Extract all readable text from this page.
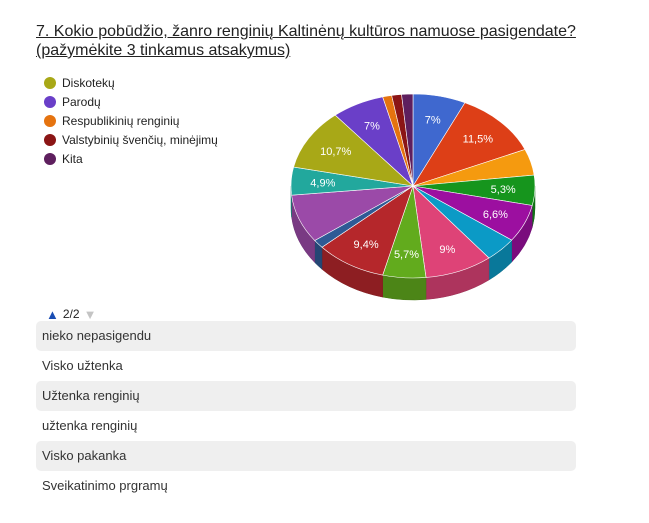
7. Kokio pobūdžio, žanro renginių Kaltinėnų kultūros namuose pasigendate? (pažymėkite 3 tinkamus atsakymus)
Diskotekų
Parodų
Respublikinių renginių
Valstybinių švenčių, minėjimų
Kita
7%
11,5%
5,3%
6,6%
9%
5,7%
9,4%
4,9%
10,7%
7%
▲ 2/2 ▼
nieko nepasigendu
Visko užtenka
Užtenka renginių
užtenka renginių
Visko pakanka
Sveikatinimo prgramų
